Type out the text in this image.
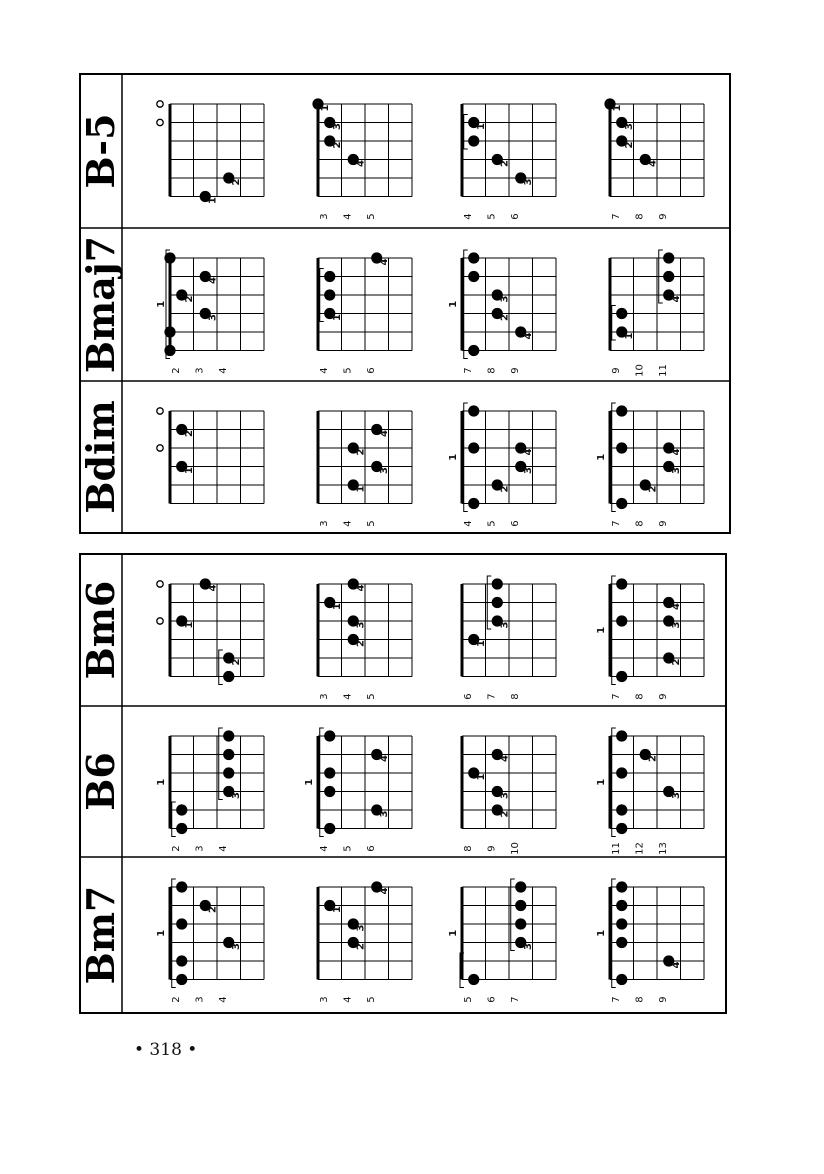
B-5
1
2
1
3
2
4
3 4 5
1
2
3
4 5 6
1
3
2
4
7 8 9
Bmaj7	1
2
4
3
2 3 4
1
4
4 5 6
1
3
2
4
7 8 9
1
4
9 10 11
Bdim	2
1
2
4
3
1
3 4 5
1
2
4
3
4 5 6
1
2
4
3
7 8 9
Bm6	4
1
2
1
4
3
2
3 4 5
3
1
6 7 8
1
4
3
2
7 8 9
B6	1
3
2 3 4
1
4
3
4 5 6
1
4
3
2
8 9 10
1
2
3
11 12 13
Bm7	1
2
3
2 3 4
4
1
3
2
3 4 5
1
3
5 6 7
1
4
7 8 9
• 318 •
